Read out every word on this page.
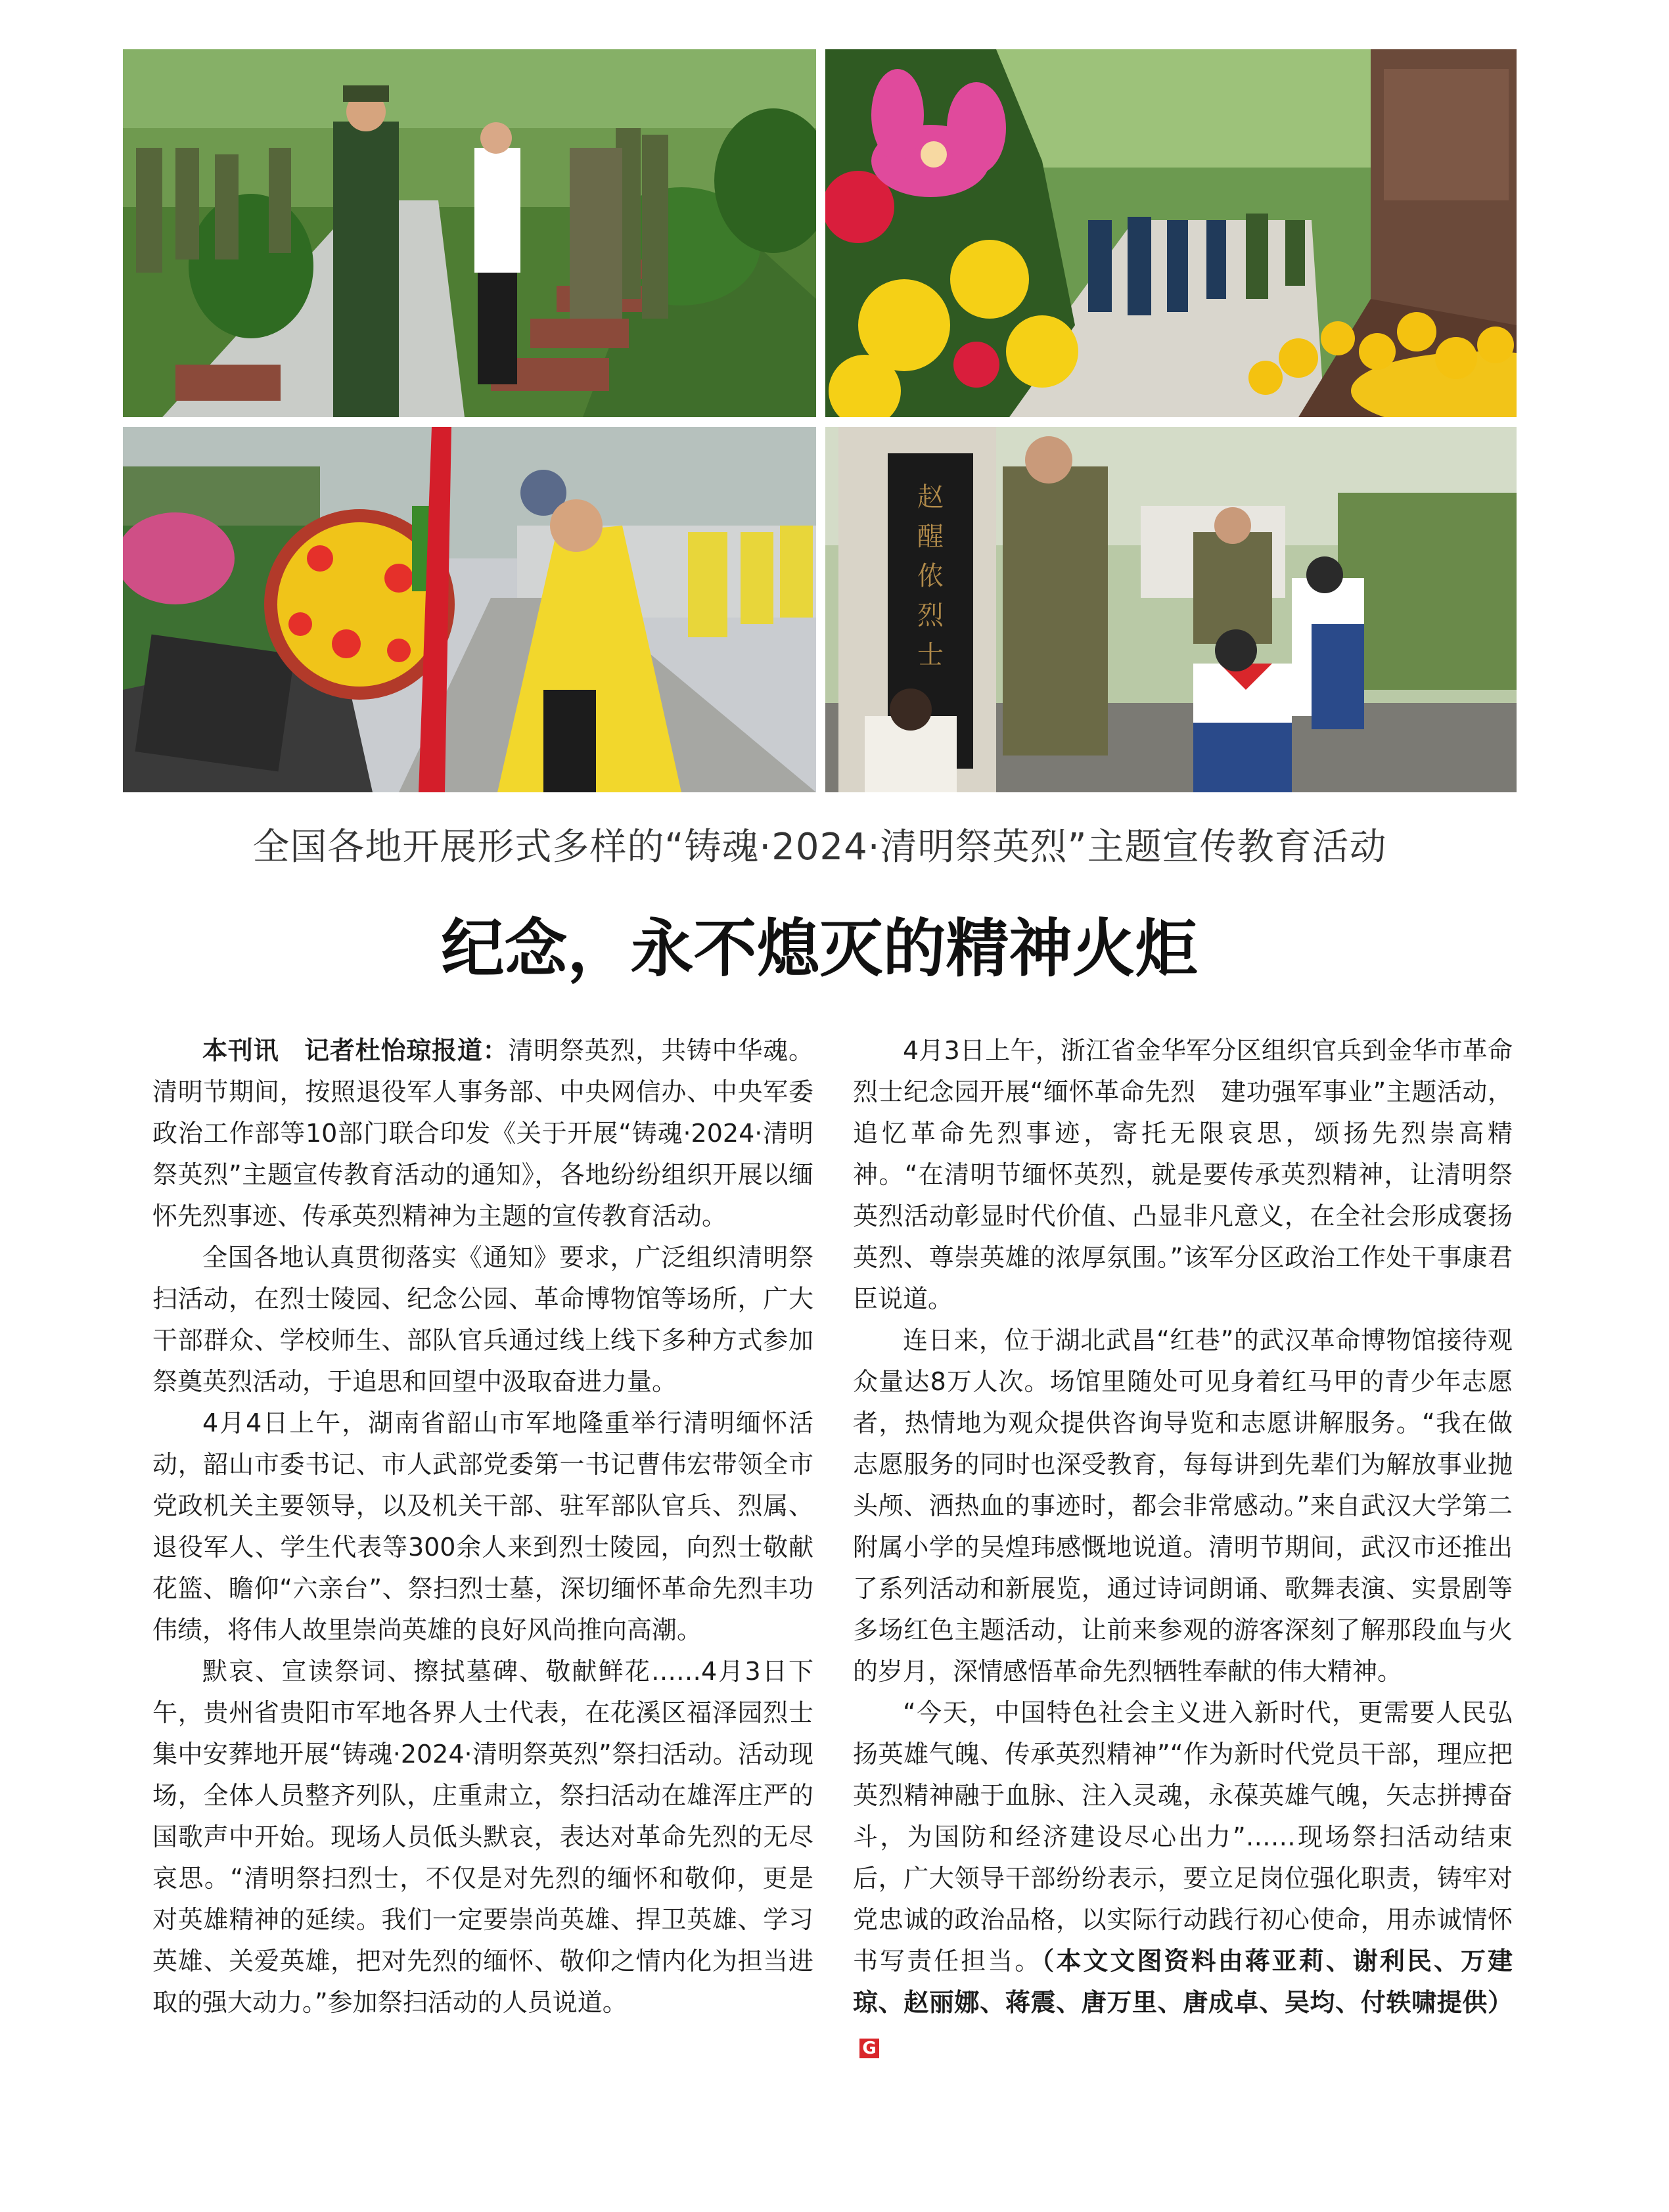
赵
醒
侬
烈
士
全国各地开展形式多样的“铸魂·2024·清明祭英烈”主题宣传教育活动
纪念，永不熄灭的精神火炬

本刊讯　记者杜怡琼报道：清明祭英烈，共铸中华魂。清明节期间，按照退役军人事务部、中央网信办、中央军委政治工作部等10部门联合印发《关于开展“铸魂·2024·清明祭英烈”主题宣传教育活动的通知》，各地纷纷组织开展以缅怀先烈事迹、传承英烈精神为主题的宣传教育活动。

全国各地认真贯彻落实《通知》要求，广泛组织清明祭扫活动，在烈士陵园、纪念公园、革命博物馆等场所，广大干部群众、学校师生、部队官兵通过线上线下多种方式参加祭奠英烈活动，于追思和回望中汲取奋进力量。

4月4日上午，湖南省韶山市军地隆重举行清明缅怀活动，韶山市委书记、市人武部党委第一书记曹伟宏带领全市党政机关主要领导，以及机关干部、驻军部队官兵、烈属、退役军人、学生代表等300余人来到烈士陵园，向烈士敬献花篮、瞻仰“六亲台”、祭扫烈士墓，深切缅怀革命先烈丰功伟绩，将伟人故里崇尚英雄的良好风尚推向高潮。

默哀、宣读祭词、擦拭墓碑、敬献鲜花……4月3日下午，贵州省贵阳市军地各界人士代表，在花溪区福泽园烈士集中安葬地开展“铸魂·2024·清明祭英烈”祭扫活动。活动现场，全体人员整齐列队，庄重肃立，祭扫活动在雄浑庄严的国歌声中开始。现场人员低头默哀，表达对革命先烈的无尽哀思。“清明祭扫烈士，不仅是对先烈的缅怀和敬仰，更是对英雄精神的延续。我们一定要崇尚英雄、捍卫英雄、学习英雄、关爱英雄，把对先烈的缅怀、敬仰之情内化为担当进取的强大动力。”参加祭扫活动的人员说道。

4月3日上午，浙江省金华军分区组织官兵到金华市革命烈士纪念园开展“缅怀革命先烈　建功强军事业”主题活动，追忆革命先烈事迹，寄托无限哀思，颂扬先烈崇高精神。“在清明节缅怀英烈，就是要传承英烈精神，让清明祭英烈活动彰显时代价值、凸显非凡意义，在全社会形成褒扬英烈、尊崇英雄的浓厚氛围。”该军分区政治工作处干事康君臣说道。

连日来，位于湖北武昌“红巷”的武汉革命博物馆接待观众量达8万人次。场馆里随处可见身着红马甲的青少年志愿者，热情地为观众提供咨询导览和志愿讲解服务。“我在做志愿服务的同时也深受教育，每每讲到先辈们为解放事业抛头颅、洒热血的事迹时，都会非常感动。”来自武汉大学第二附属小学的吴煌玮感慨地说道。清明节期间，武汉市还推出了系列活动和新展览，通过诗词朗诵、歌舞表演、实景剧等多场红色主题活动，让前来参观的游客深刻了解那段血与火的岁月，深情感悟革命先烈牺牲奉献的伟大精神。

“今天，中国特色社会主义进入新时代，更需要人民弘扬英雄气魄、传承英烈精神”“作为新时代党员干部，理应把英烈精神融于血脉、注入灵魂，永葆英雄气魄，矢志拼搏奋斗，为国防和经济建设尽心出力”……现场祭扫活动结束后，广大领导干部纷纷表示，要立足岗位强化职责，铸牢对党忠诚的政治品格，以实际行动践行初心使命，用赤诚情怀书写责任担当。（本文文图资料由蒋亚莉、谢利民、万建琼、赵丽娜、蒋震、唐万里、唐成卓、吴均、付轶啸提供）G
